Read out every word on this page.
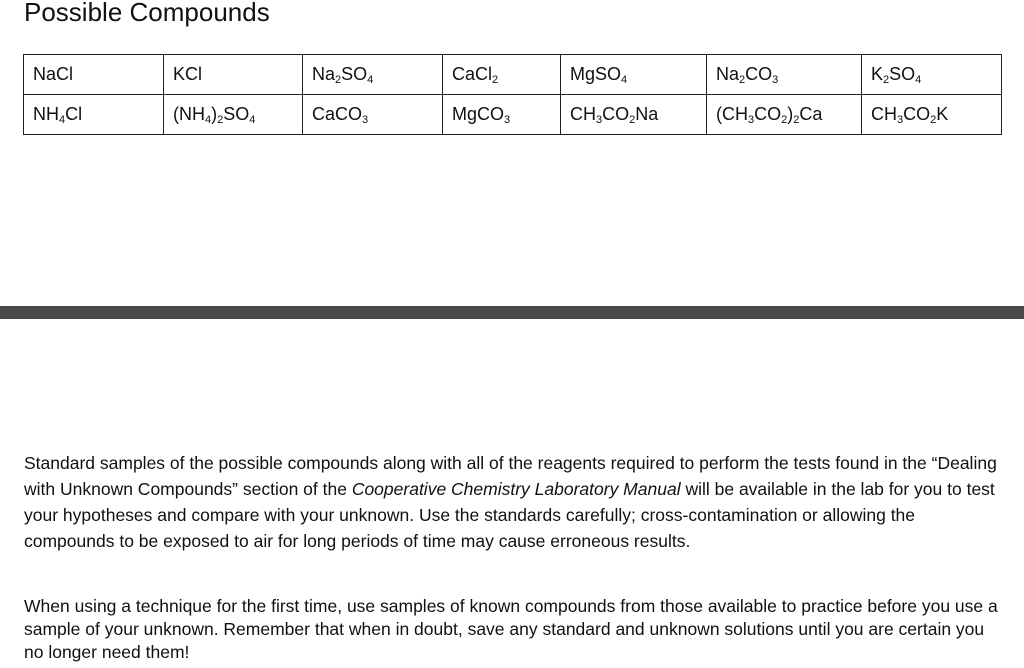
Possible Compounds
NaCl	KCl	$Na_2SO_4$	CaCl$_2$	MgSO$_4$	$Na_2CO_3$	$K_2SO_4$
$NH_4Cl$	$(NH_4)_2SO_4$	CaCO$_3$	MgCO$_3$	$CH_3CO_2Na$	$(CH_3CO_2)_2Ca$	$CH_3CO_2K$

Standard samples of the possible compounds along with all of the reagents required to perform the tests found in the “Dealing with Unknown Compounds” section of the Cooperative Chemistry Laboratory Manual will be available in the lab for you to test your hypotheses and compare with your unknown. Use the standards carefully; cross-contamination or allowing the compounds to be exposed to air for long periods of time may cause erroneous results.

When using a technique for the first time, use samples of known compounds from those available to practice before you use a sample of your unknown. Remember that when in doubt, save any standard and unknown solutions until you are certain you no longer need them!
